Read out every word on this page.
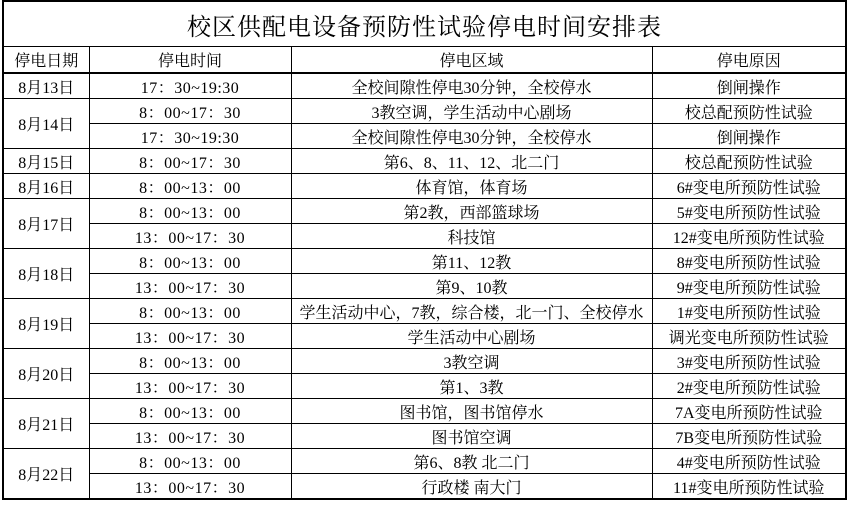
校区供配电设备预防性试验停电时间安排表			
停电日期	停电时间	停电区域	停电原因
8月13日	17：30~19:30	全校间隙性停电30分钟，全校停水	倒闸操作
8月14日	8：00~17：30	3教空调，学生活动中心剧场	校总配预防性试验
	17：30~19:30	全校间隙性停电30分钟，全校停水	倒闸操作
8月15日	8：00~17：30	第6、8、11、12、北二门	校总配预防性试验
8月16日	8：00~13：00	体育馆，体育场	6#变电所预防性试验
8月17日	8：00~13：00	第2教，西部篮球场	5#变电所预防性试验
	13：00~17：30	科技馆	12#变电所预防性试验
8月18日	8：00~13：00	第11、12教	8#变电所预防性试验
	13：00~17：30	第9、10教	9#变电所预防性试验
8月19日	8：00~13：00	学生活动中心，7教，综合楼，北一门、全校停水	1#变电所预防性试验
	13：00~17：30	学生活动中心剧场	调光变电所预防性试验
8月20日	8：00~13：00	3教空调	3#变电所预防性试验
	13：00~17：30	第1、3教	2#变电所预防性试验
8月21日	8：00~13：00	图书馆，图书馆停水	7A变电所预防性试验
	13：00~17：30	图书馆空调	7B变电所预防性试验
8月22日	8：00~13：00	第6、8教 北二门	4#变电所预防性试验
	13：00~17：30	行政楼 南大门	11#变电所预防性试验
